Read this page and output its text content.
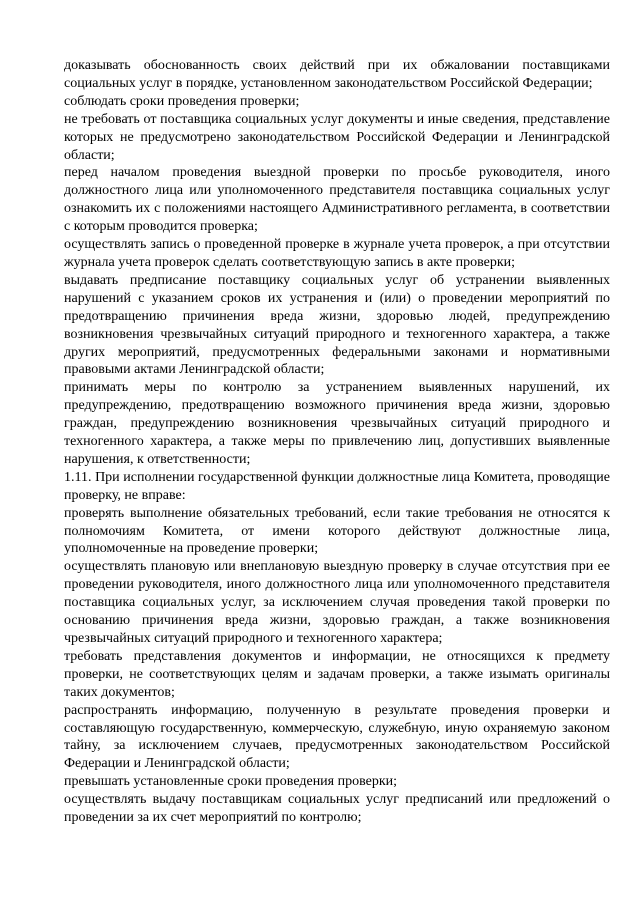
доказывать обоснованность своих действий при их обжаловании поставщиками социальных услуг в порядке, установленном законодательством Российской Федерации;

соблюдать сроки проведения проверки;

не требовать от поставщика социальных услуг документы и иные сведения, представление которых не предусмотрено законодательством Российской Федерации и Ленинградской области;

перед началом проведения выездной проверки по просьбе руководителя, иного должностного лица или уполномоченного представителя поставщика социальных услуг ознакомить их с положениями настоящего Административного регламента, в соответствии с которым проводится проверка;

осуществлять запись о проведенной проверке в журнале учета проверок, а при отсутствии журнала учета проверок сделать соответствующую запись в акте проверки;

выдавать предписание поставщику социальных услуг об устранении выявленных нарушений с указанием сроков их устранения и (или) о проведении мероприятий по предотвращению причинения вреда жизни, здоровью людей, предупреждению возникновения чрезвычайных ситуаций природного и техногенного характера, а также других мероприятий, предусмотренных федеральными законами и нормативными правовыми актами Ленинградской области;

принимать меры по контролю за устранением выявленных нарушений, их предупреждению, предотвращению возможного причинения вреда жизни, здоровью граждан, предупреждению возникновения чрезвычайных ситуаций природного и техногенного характера, а также меры по привлечению лиц, допустивших выявленные нарушения, к ответственности;

1.11. При исполнении государственной функции должностные лица Комитета, проводящие проверку, не вправе:

проверять выполнение обязательных требований, если такие требования не относятся к полномочиям Комитета, от имени которого действуют должностные лица, уполномоченные на проведение проверки;

осуществлять плановую или внеплановую выездную проверку в случае отсутствия при ее проведении руководителя, иного должностного лица или уполномоченного представителя поставщика социальных услуг, за исключением случая проведения такой проверки по основанию причинения вреда жизни, здоровью граждан, а также возникновения чрезвычайных ситуаций природного и техногенного характера;

требовать представления документов и информации, не относящихся к предмету проверки, не соответствующих целям и задачам проверки, а также изымать оригиналы таких документов;

распространять информацию, полученную в результате проведения проверки и составляющую государственную, коммерческую, служебную, иную охраняемую законом тайну, за исключением случаев, предусмотренных законодательством Российской Федерации и Ленинградской области;

превышать установленные сроки проведения проверки;

осуществлять выдачу поставщикам социальных услуг предписаний или предложений о проведении за их счет мероприятий по контролю;
